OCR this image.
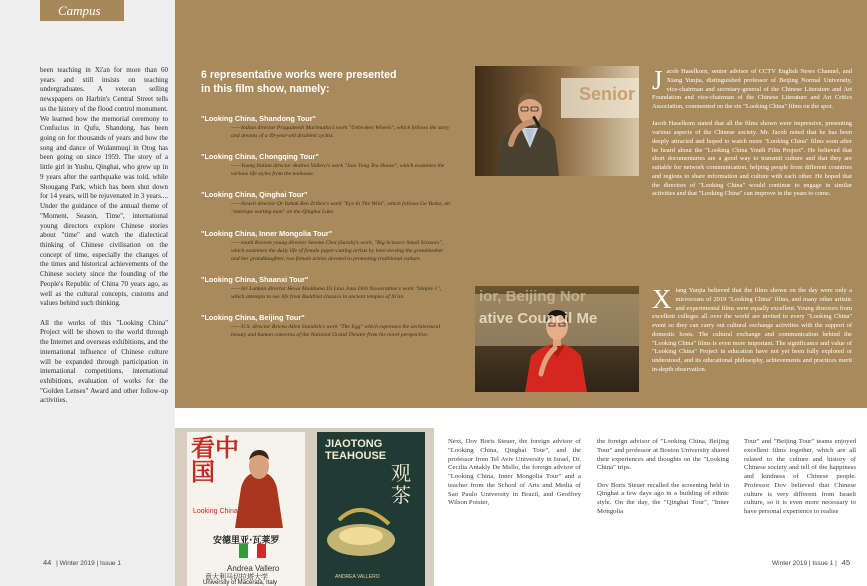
Campus

been teaching in Xi'an for more than 60 years and still insists on teaching undergraduates. A veteran selling newspapers on Harbin's Central Street tells us the history of the flood control monument. We learned how the memorial ceremony to Confucius in Qufu, Shandong, has been going on for thousands of years and how the song and dance of Wulanmuqi in Otog has been going on since 1959. The story of a little girl in Yushu, Qinghai, who grew up in 9 years after the earthquake was told, while Shougang Park, which has been shut down for 14 years, will be rejuvenated in 3 years.... Under the guidance of the annual theme of "Moment, Season, Time", international young directors explore Chinese stories about "time" and watch the dialectical thinking of Chinese civilisation on the concept of time, especially the changes of the times and historical achievements of the Chinese society since the founding of the People's Republic of China 70 years ago, as well as the cultural concepts, customs and values behind such thinking.

All the works of this "Looking China" Project will be shown to the world through the Internet and overseas exhibitions, and the international influence of Chinese culture will be expanded through participation in international competitions, international exhibitions, evaluation of works for the "Golden Lenses" Award and other follow-up activities.

6 representative works were presented in this film show, namely:
"Looking China, Shandong Tour"
——Indian director Pragadeesh Marimuthu's work "Unbroken Wheels", which follows the story and dreams of a 49-year-old disabled cyclist.
"Looking China, Chongqing Tour"
——Young Italian director Andrea Vallero's work "Jiao Tong Tea House", which examines the various life styles from the teahouse.
"Looking China, Qinghai Tour"
——Israeli director Or Itzhak Ben Zrihen's work "Eye In The Wild", which follows Ge Yusha, an "antelope waiting man" on the Qinghai Lake.
"Looking China, Inner Mongolia Tour"
——south Korean young director Seeone Choi (Sarah)'s work, "Big Scissors Small Scissors", which examines the daily life of female paper-cutting artists by interviewing the grandmother and her granddaughter, two female artists devoted to promoting traditional culture.
"Looking China, Shaanxi Tour"
——Sri Lankan director Hewa Madduma Di Lina Jona Dith Nawarathne's work "Simple 1", which attempts to see life from Buddhist classics in ancient temples of Xi'an.
"Looking China, Beijing Tour"
——U.S. director Briceu Allen Standish's work "The Egg" which expresses the architectural beauty and human concerns of the National Grand Theatre from his novel perspective.
Senior Jacob Haselkorn, senior advisor of CCTV English News Channel, and Xiang Yunjia, distinguished professor of Beijing Normal University, vice-chairman and secretary-general of the Chinese Literature and Art Foundation and vice-chairman of the Chinese Literature and Art Critics Association, commented on the six "Looking China" films on the spot.

Jacob Haselkorn stated that all the films shown were impressive, presenting various aspects of the Chinese society. Mr. Jacob noted that he has been deeply attracted and hoped to watch more "Looking China" films soon after he heard about the "Looking China Youth Film Project". He believed that short documentaries are a good way to transmit culture and that they are suitable for network communication, helping people from different countries and regions to share information and culture with each other. He hoped that the directors of "Looking China" would continue to engage in similar activities and that "Looking China" can improve in the years to come.

ior, Beijing Nor
ative Council Me

Xiang Yunjia believed that the films shown on the day were only a microcosm of 2019 "Looking China" films, and many other artistic and experimental films were equally excellent. Young directors from excellent colleges all over the world are invited to every "Looking China" event so they can carry out cultural exchange activities with the support of domestic hosts. The cultural exchange and communication behind the "Looking China" films is even more important. The significance and value of "Looking China" Project in education have not yet been fully explored or understood, and its educational philosophy, achievements and practices merit in-depth observation.

看中国
Looking China
安德里亚·瓦莱罗
Andrea Vallero
意大利马切拉塔大学
University of Macerata, Italy
JIAOTONG TEAHOUSE
观茶
ANDREA VALLERO
Next, Dov Boris Steuer, the foreign advisor of "Looking China, Qinghai Tour", and the professor from Tel Aviv University in Israel, Dr. Cecilia Antakly De Mello, the foreign advisor of "Looking China, Inner Mongolia Tour" and a teacher from the School of Arts and Media of Sao Paulo University in Brazil, and Geoffrey Wilson Poister,

the foreign advisor of "Looking China, Beijing Tour" and professor at Boston University shared their experiences and thoughts on the "Looking China" trips.

Dov Boris Steuer recalled the screening held in Qinghai a few days ago in a building of ethnic style. On the day, the "Qinghai Tour", "Inner Mongolia

Tour" and "Beijing Tour" teams enjoyed excellent films together, which are all related to the culture and history of Chinese society and tell of the happiness and kindness of Chinese people. Professor Dov believed that Chinese culture is very different from Israeli culture, so it is even more necessary to have personal experience to realise
44 | Winter 2019 | Issue 1	Winter 2019 | Issue 1 | 45
